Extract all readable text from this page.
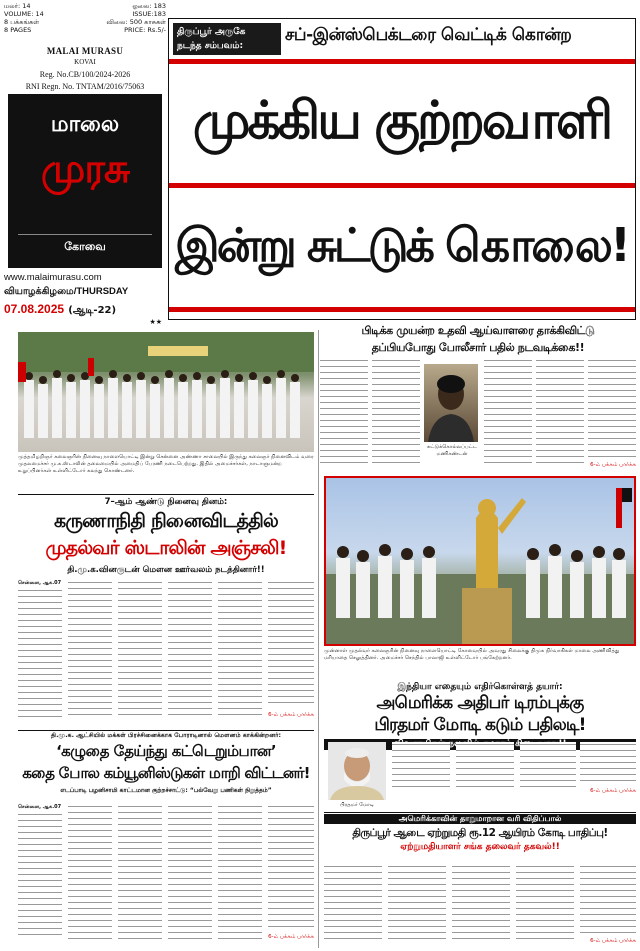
மலர்: 14
VOLUME: 14
8 பக்கங்கள்
8 PAGES
ஓலை: 183
ISSUE:183
விலை: 500 காசுகள்
PRICE: Rs.5/-
MALAI MURASU
KOVAI
Reg. No.CB/100/2024-2026
RNI Regn. No. TNTAM/2016/75063
மாலை
முரசு
கோவை
www.malaimurasu.com
வியாழக்கிழமை/THURSDAY
07.08.2025 (ஆடி-22)
★★
திருப்பூர் அருகே
நடந்த சம்பவம்:
சப்-இன்ஸ்பெக்டரை வெட்டிக் கொன்ற
முக்கிய குற்றவாளி
இன்று சுட்டுக் கொலை!
பிடிக்க முயன்ற உதவி ஆய்வாளரை தாக்கிவிட்டு
தப்பியபோது போலீசார் பதில் நடவடிக்கை!!
சுட்டுக்கொல்லப்பட்ட மணிகண்டன்
6-ம் பக்கம் பார்க்க
முத்தமிழறிஞர் கலைஞரின் நினைவு நாளையொட்டி இன்று சென்னை அண்ணா சாலையில் இருந்து கலைஞர் நினைவிடம் வரை முதலமைச்சர் மு.க.ஸ்டாலின் தலைமையில் அமைதிப் பேரணி நடைபெற்றது. இதில் அமைச்சர்கள், நாடாளுமன்ற உறுப்பினர்கள் உள்ளிட்டோர் கலந்து கொண்டனர்.
7–ஆம் ஆண்டு நினைவு தினம்:
கருணாநிதி நினைவிடத்தில்
முதல்வர் ஸ்டாலின் அஞ்சலி!
தி.மு.க.வினருடன் மௌன ஊர்வலம் நடத்தினார்!!
சென்னை, ஆக.07
6-ம் பக்கம் பார்க்க
முன்னாள் முதல்வர் கலைஞரின் நினைவு நாளையொட்டி கோவையில் அவரது சிலைக்கு திமுக நிர்வாகிகள் மாலை அணிவித்து மரியாதை செலுத்தினர். அமைச்சர் செந்தில் பாலாஜி உள்ளிட்டோர் பங்கேற்றனர்.
இந்தியா எதையும் எதிர்கொள்ளத் தயார்:
அமெரிக்க அதிபர் டிரம்புக்கு
பிரதமர் மோடி கடும் பதிலடி!
பிரதமர் மோடி
6-ம் பக்கம் பார்க்க
தி.மு.க. ஆட்சியில் மக்கள் பிரச்சினைக்காக போராடினால் மௌனம் காக்கின்றனர்:
‘கழுதை தேய்ந்து கட்டெறும்பான’
கதை போல கம்யூனிஸ்டுகள் மாறி விட்டனர்!
எடப்பாடி பழனிசாமி காட்டமான குற்றச்சாட்டு: “பல்வேறு பணிகள் நிறுத்தம்”
சென்னை, ஆக.07
6-ம் பக்கம் பார்க்க
அமெரிக்காவின் தாறுமாறான வரி விதிப்பால்
திருப்பூர் ஆடை ஏற்றுமதி ரூ.12 ஆயிரம் கோடி பாதிப்பு!
ஏற்றுமதியாளர் சங்க தலைவர் தகவல்!!
6-ம் பக்கம் பார்க்க
